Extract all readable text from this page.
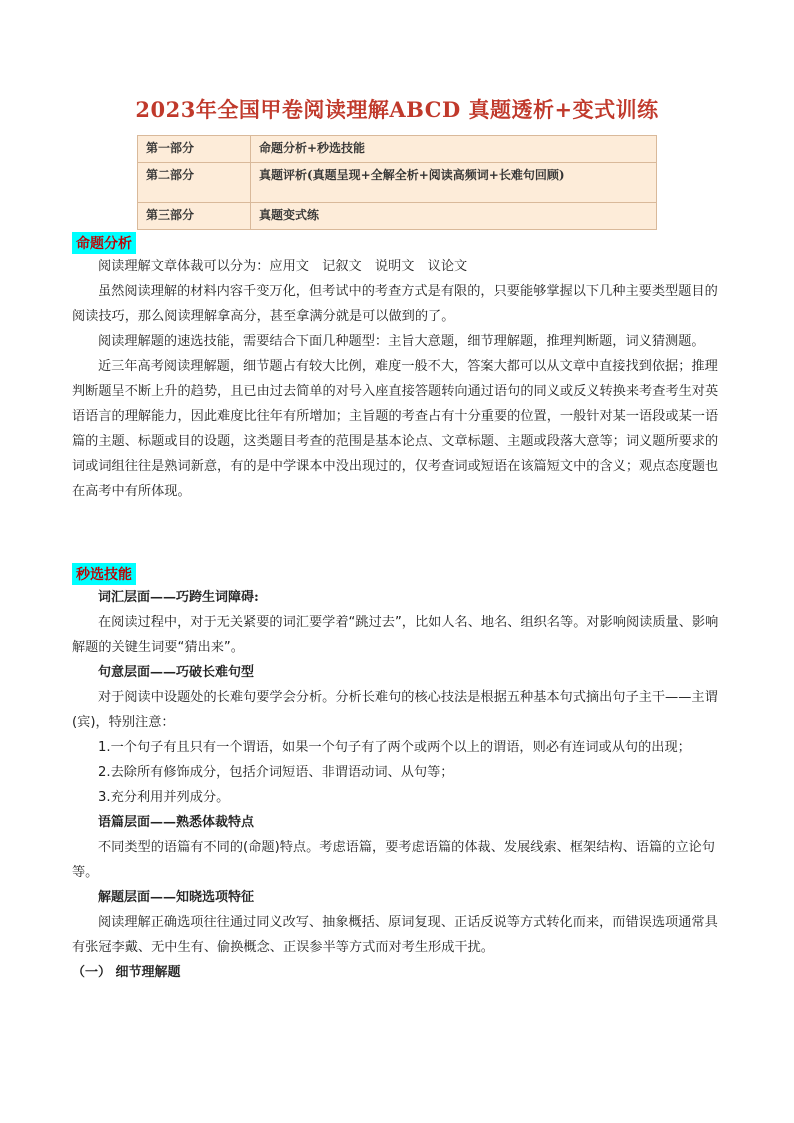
2023年全国甲卷阅读理解ABCD 真题透析+变式训练
第一部分	命题分析+秒选技能
第二部分	真题评析(真题呈现+全解全析+阅读高频词+长难句回顾)
第三部分	真题变式练
命题分析

阅读理解文章体裁可以分为：应用文　记叙文　说明文　议论文

虽然阅读理解的材料内容千变万化，但考试中的考查方式是有限的，只要能够掌握以下几种主要类型题目的阅读技巧，那么阅读理解拿高分，甚至拿满分就是可以做到的了。

阅读理解题的速选技能，需要结合下面几种题型：主旨大意题，细节理解题，推理判断题，词义猜测题。

近三年高考阅读理解题，细节题占有较大比例，难度一般不大，答案大都可以从文章中直接找到依据；推理判断题呈不断上升的趋势，且已由过去简单的对号入座直接答题转向通过语句的同义或反义转换来考查考生对英语语言的理解能力，因此难度比往年有所增加；主旨题的考查占有十分重要的位置，一般针对某一语段或某一语篇的主题、标题或目的设题，这类题目考查的范围是基本论点、文章标题、主题或段落大意等；词义题所要求的词或词组往往是熟词新意，有的是中学课本中没出现过的，仅考查词或短语在该篇短文中的含义；观点态度题也在高考中有所体现。

秒选技能

词汇层面——巧跨生词障碍:

在阅读过程中，对于无关紧要的词汇要学着“跳过去”，比如人名、地名、组织名等。对影响阅读质量、影响解题的关键生词要“猜出来”。

句意层面——巧破长难句型

对于阅读中设题处的长难句要学会分析。分析长难句的核心技法是根据五种基本句式摘出句子主干——主谓(宾)，特别注意：

1.一个句子有且只有一个谓语，如果一个句子有了两个或两个以上的谓语，则必有连词或从句的出现；

2.去除所有修饰成分，包括介词短语、非谓语动词、从句等；

3.充分利用并列成分。

语篇层面——熟悉体裁特点

不同类型的语篇有不同的(命题)特点。考虑语篇，要考虑语篇的体裁、发展线索、框架结构、语篇的立论句等。

解题层面——知晓选项特征

阅读理解正确选项往往通过同义改写、抽象概括、原词复现、正话反说等方式转化而来，而错误选项通常具有张冠李戴、无中生有、偷换概念、正误参半等方式而对考生形成干扰。

（一） 细节理解题
